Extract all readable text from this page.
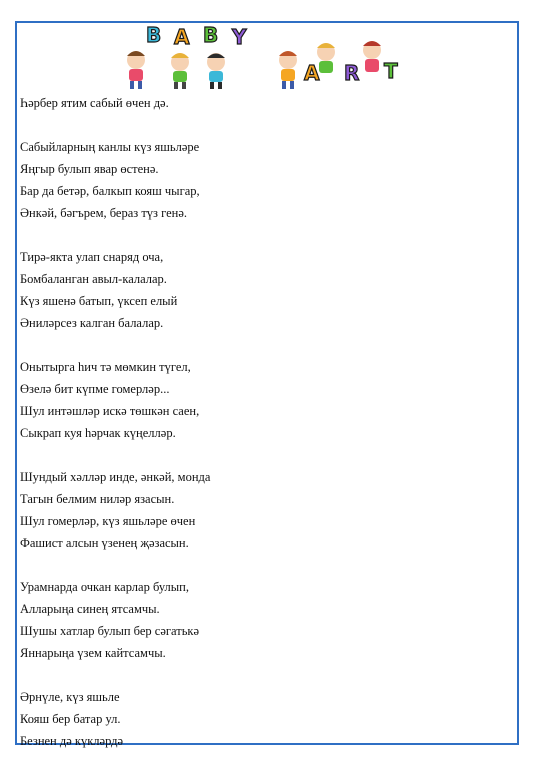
B A B Y
A R T
Һәрбер ятим сабый өчен дә.
Сабыйларның канлы күз яшьләре
Яңгыр булып явар өстенә.
Бар да бетәр, балкып кояш чыгар,
Әнкәй, бәгърем, бераз түз генә.
Тирә-якта улап снаряд оча,
Бомбаланган авыл-калалар.
Күз яшенә батып, үксеп елый
Әниләрсез калган балалар.
Онытырга һич тә мөмкин түгел,
Өзелә бит күпме гомерләр...
Шул интәшләр искә төшкән саен,
Сыкрап куя һәрчак күңелләр.
Шундый хәлләр инде, әнкәй, монда
Тагын белмим ниләр язасын.
Шул гомерләр, күз яшьләре өчен
Фашист алсын үзенең җәзасын.
Урамнарда очкан карлар булып,
Алларыңа синең ятсамчы.
Шушы хатлар булып бер сәгатькә
Яннарыңа үзем кайтсамчы.
Әрнүле, күз яшьле
Кояш бер батар ул.
Безнен дә күкләрдә
